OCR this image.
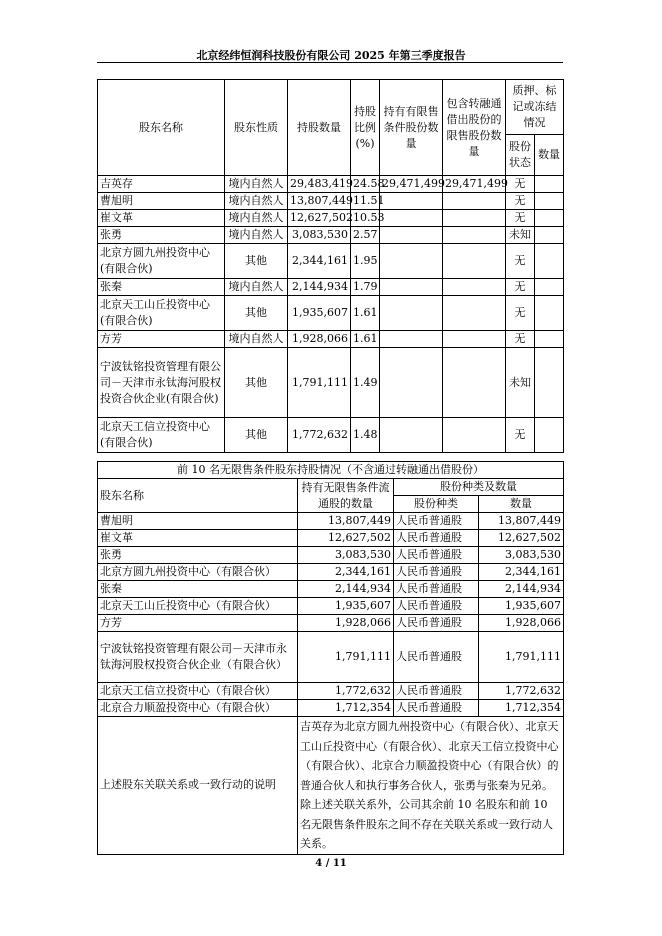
北京经纬恒润科技股份有限公司 2025 年第三季度报告
股东名称	股东性质	持股数量	持股比例(%)	持有有限售条件股份数量	包含转融通借出股份的限售股份数量	质押、标记或冻结情况	
						股份状态	数量
吉英存	境内自然人	29,483,419	24.58	29,471,499	29,471,499	无	
曹旭明	境内自然人	13,807,449	11.51			无	
崔文革	境内自然人	12,627,502	10.53			无	
张勇	境内自然人	3,083,530	2.57			未知	
北京方圆九州投资中心(有限合伙)	其他	2,344,161	1.95			无	
张秦	境内自然人	2,144,934	1.79			无	
北京天工山丘投资中心(有限合伙)	其他	1,935,607	1.61			无	
方芳	境内自然人	1,928,066	1.61			无	
宁波钛铭投资管理有限公司－天津市永钛海河股权投资合伙企业(有限合伙)	其他	1,791,111	1.49			未知	
北京天工信立投资中心(有限合伙)	其他	1,772,632	1.48			无	
前 10 名无限售条件股东持股情况（不含通过转融通出借股份）			
股东名称	持有无限售条件流通股的数量	股份种类及数量	
		股份种类	数量
曹旭明	13,807,449	人民币普通股	13,807,449
崔文革	12,627,502	人民币普通股	12,627,502
张勇	3,083,530	人民币普通股	3,083,530
北京方圆九州投资中心（有限合伙）	2,344,161	人民币普通股	2,344,161
张秦	2,144,934	人民币普通股	2,144,934
北京天工山丘投资中心（有限合伙）	1,935,607	人民币普通股	1,935,607
方芳	1,928,066	人民币普通股	1,928,066
宁波钛铭投资管理有限公司－天津市永钛海河股权投资合伙企业（有限合伙）	1,791,111	人民币普通股	1,791,111
北京天工信立投资中心（有限合伙）	1,772,632	人民币普通股	1,772,632
北京合力顺盈投资中心（有限合伙）	1,712,354	人民币普通股	1,712,354
上述股东关联关系或一致行动的说明	吉英存为北京方圆九州投资中心（有限合伙）、北京天工山丘投资中心（有限合伙）、北京天工信立投资中心（有限合伙）、北京合力顺盈投资中心（有限合伙）的普通合伙人和执行事务合伙人，张勇与张秦为兄弟。除上述关联关系外，公司其余前 10 名股东和前 10 名无限售条件股东之间不存在关联关系或一致行动人关系。		
4 / 11
